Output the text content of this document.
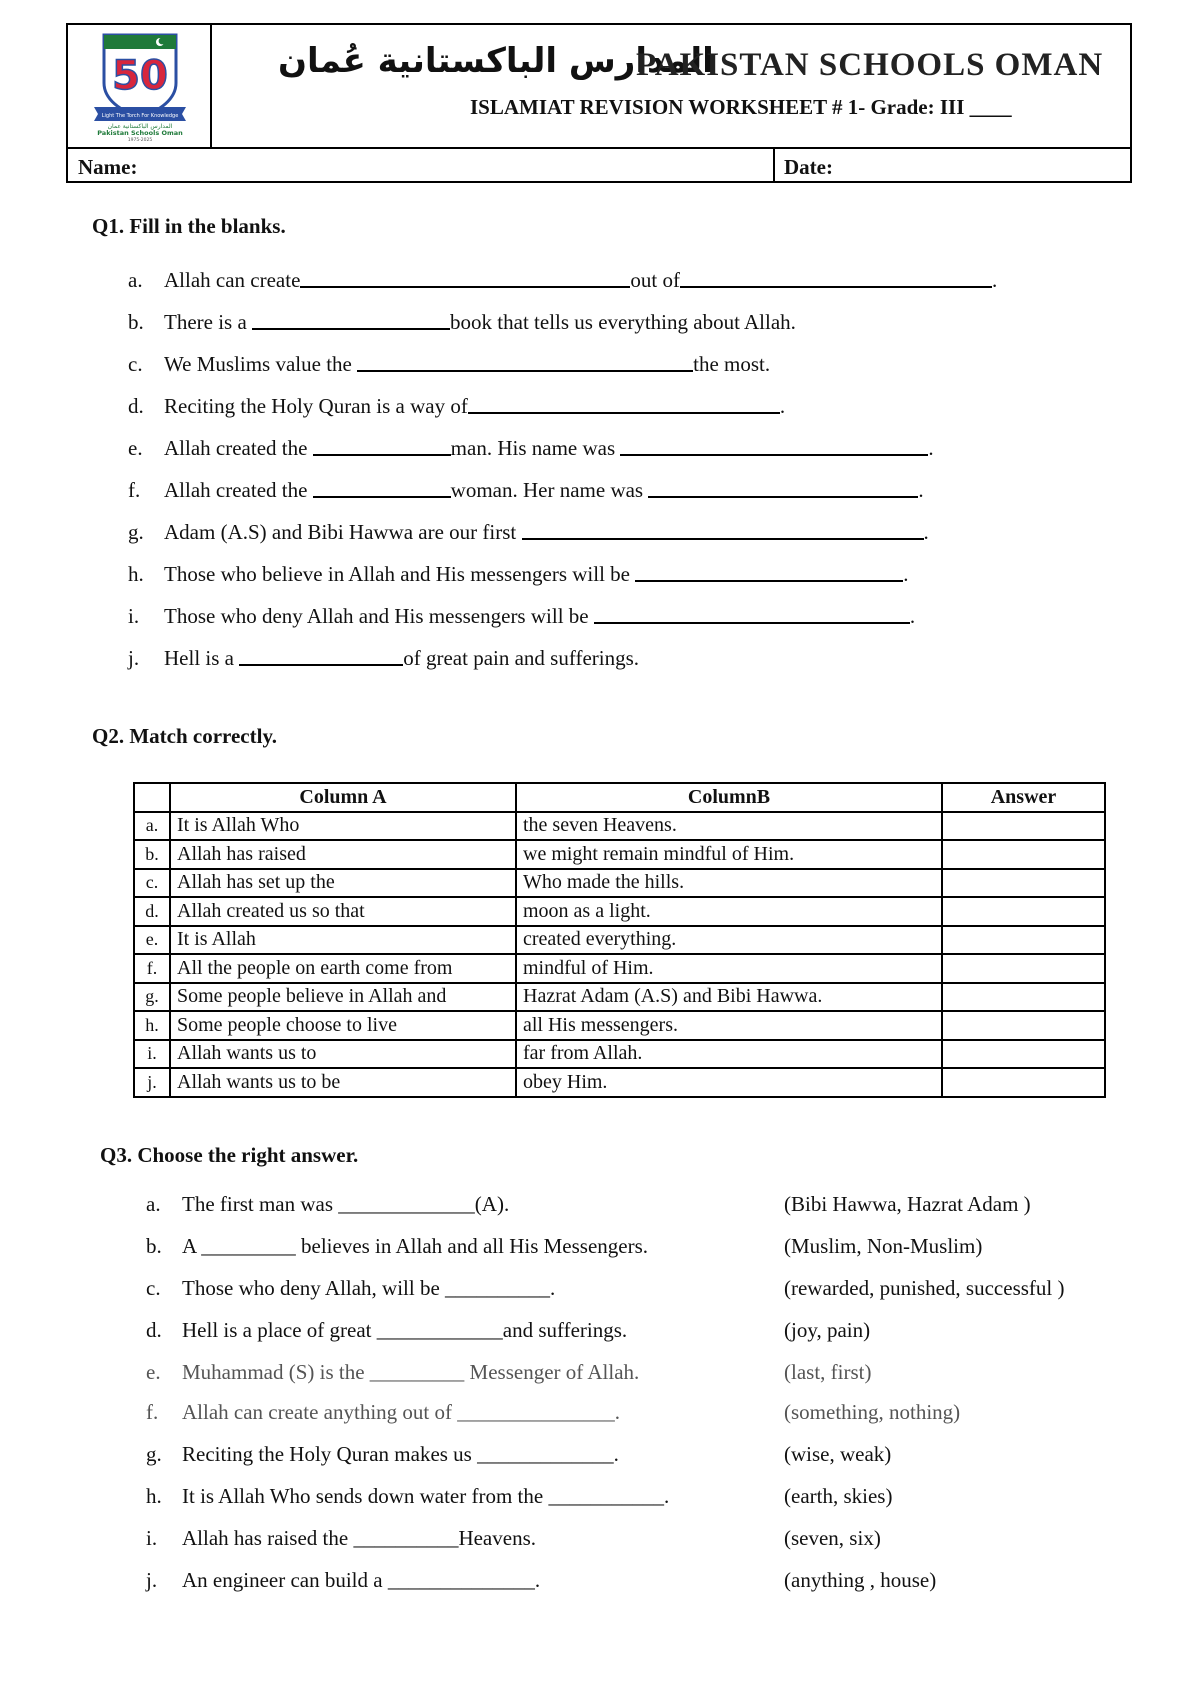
50
Light The Torch For Knowledge
المدارس الباكستانية عمان
Pakistan Schools Oman
1975-2025
المدارس الباكستانية عُمان
PAKISTAN SCHOOLS OMAN
ISLAMIAT REVISION WORKSHEET # 1- Grade: III ____
Name:	Date:
Q1. Fill in the blanks.
a.	Allah can create	out of	.
b. There is a
	book that tells us everything about Allah.
c.	We Muslims value the
	the most.
d. Reciting the Holy Quran is a way of	.
e.	Allah created the
	man. His name was
	.
f.	Allah created the
	woman. Her name was
	.
g. Adam (A.S) and Bibi Hawwa are our first
	.
h. Those who believe in Allah and His messengers will be
	.
i.	Those who deny Allah and His messengers will be
	.
j.	Hell is a
	of great pain and sufferings.
Q2. Match correctly.
	Column A	ColumnB	Answer
a.	It is Allah Who	the seven Heavens.	
b.	Allah has raised	we might remain mindful of Him.	
c.	Allah has set up the	Who made the hills.	
d.	Allah created us so that	moon as a light.	
e.	It is Allah	created everything.	
f.	All the people on earth come from	mindful of Him.	
g.	Some people believe in Allah and	Hazrat Adam (A.S) and Bibi Hawwa.	
h.	Some people choose to live	all His messengers.	
i.	Allah wants us to	far from Allah.	
j.	Allah wants us to be	obey Him.	
Q3. Choose the right answer.
a. The first man was _____________(A).	(Bibi Hawwa, Hazrat Adam )
b. A _________ believes in Allah and all His Messengers.	(Muslim, Non-Muslim)
c. Those who deny Allah, will be __________.	(rewarded, punished, successful )
d. Hell is a place of great ____________and sufferings.	(joy, pain)
e. Muhammad (S) is the _________ Messenger of Allah.	(last, first)
f. Allah can create anything out of _______________.	(something, nothing)
g. Reciting the Holy Quran makes us _____________.	(wise, weak)
h. It is Allah Who sends down water from the ___________.	(earth, skies)
i. Allah has raised the __________Heavens.	(seven, six)
j. An engineer can build a ______________.	(anything , house)
